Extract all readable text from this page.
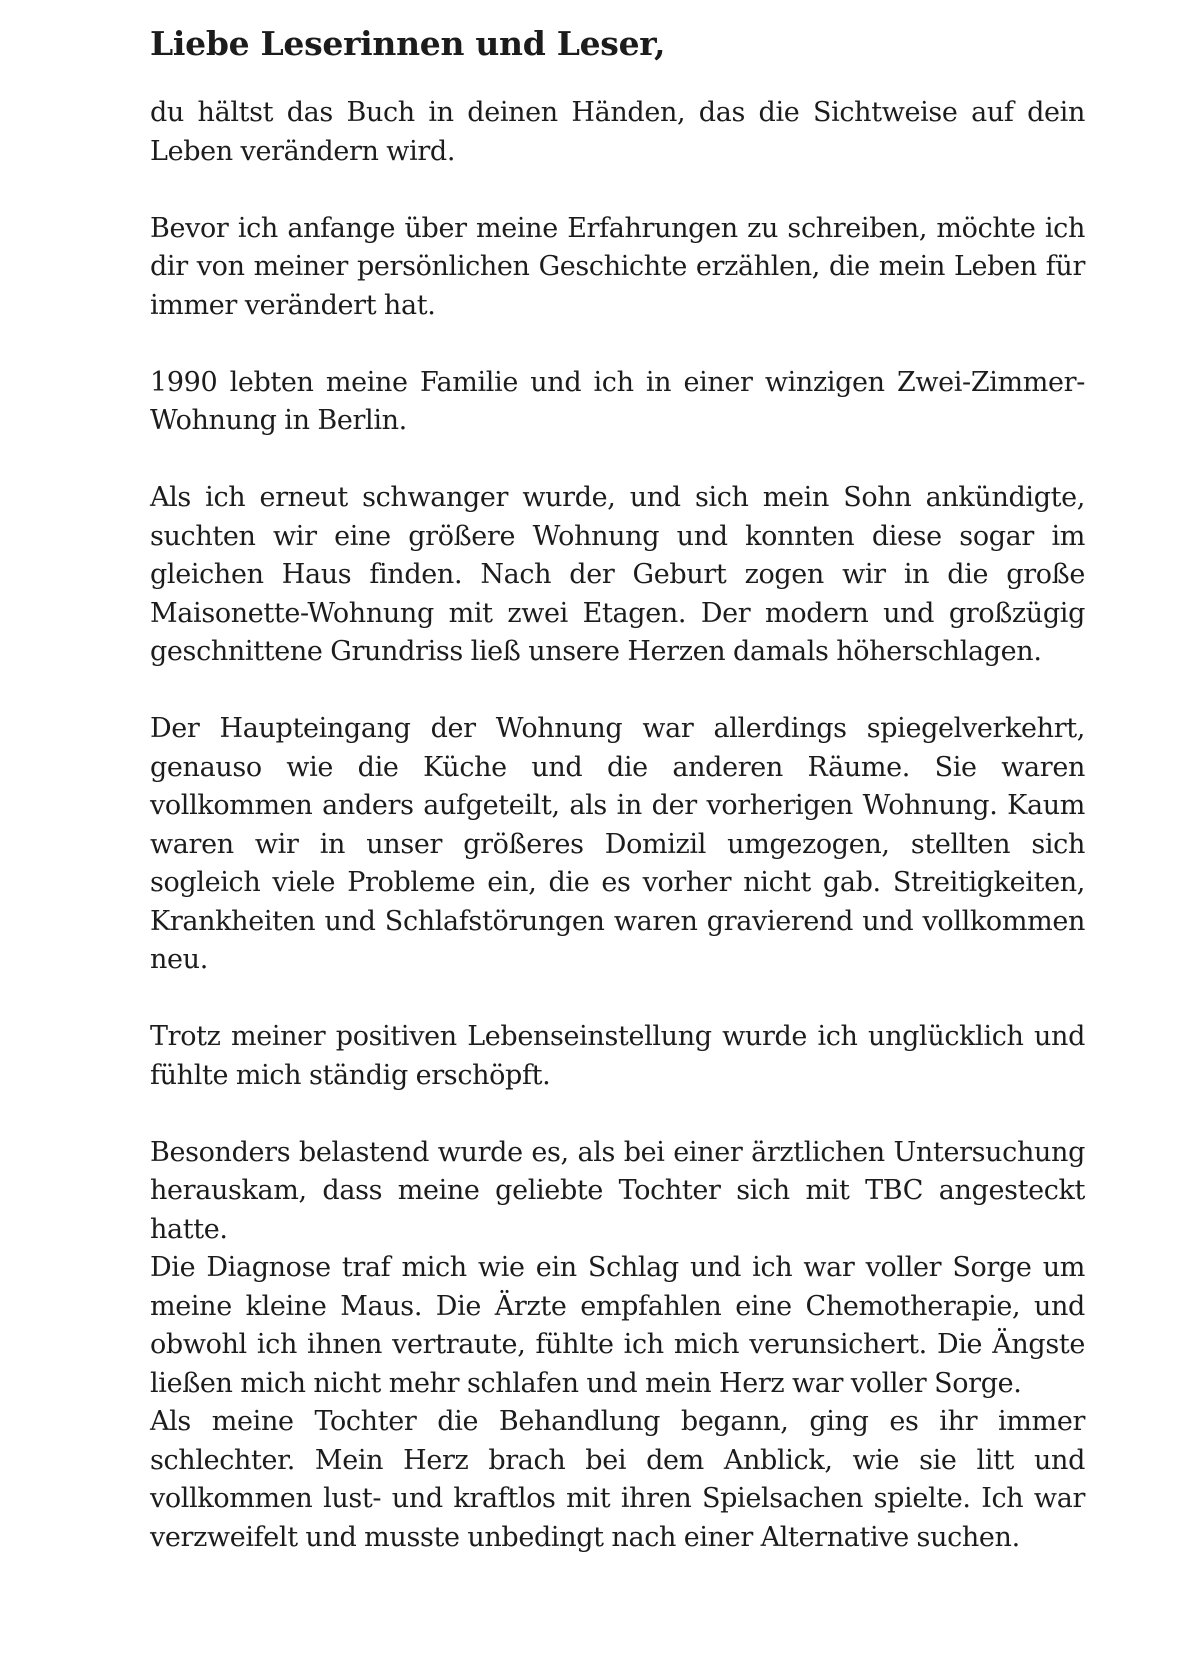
Liebe Leserinnen und Leser,

du hältst das Buch in deinen Händen, das die Sichtweise auf dein Leben verändern wird.

Bevor ich anfange über meine Erfahrungen zu schreiben, möchte ich dir von meiner persönlichen Geschichte erzählen, die mein Leben für immer verändert hat.

1990 lebten meine Familie und ich in einer winzigen Zwei-Zimmer-Wohnung in Berlin.

Als ich erneut schwanger wurde, und sich mein Sohn ankündigte, suchten wir eine größere Wohnung und konnten diese sogar im gleichen Haus finden. Nach der Geburt zogen wir in die große Maisonette-Wohnung mit zwei Etagen. Der modern und großzügig geschnittene Grundriss ließ unsere Herzen damals höherschlagen.

Der Haupteingang der Wohnung war allerdings spiegelverkehrt, genauso wie die Küche und die anderen Räume. Sie waren vollkommen anders aufgeteilt, als in der vorherigen Wohnung. Kaum waren wir in unser größeres Domizil umgezogen, stellten sich sogleich viele Probleme ein, die es vorher nicht gab. Streitigkeiten, Krankheiten und Schlafstörungen waren gravierend und vollkommen neu.

Trotz meiner positiven Lebenseinstellung wurde ich unglücklich und fühlte mich ständig erschöpft.

Besonders belastend wurde es, als bei einer ärztlichen Untersuchung herauskam, dass meine geliebte Tochter sich mit TBC angesteckt hatte.

Die Diagnose traf mich wie ein Schlag und ich war voller Sorge um meine kleine Maus. Die Ärzte empfahlen eine Chemotherapie, und obwohl ich ihnen vertraute, fühlte ich mich verunsichert. Die Ängste ließen mich nicht mehr schlafen und mein Herz war voller Sorge.

Als meine Tochter die Behandlung begann, ging es ihr immer schlechter. Mein Herz brach bei dem Anblick, wie sie litt und vollkommen lust- und kraftlos mit ihren Spielsachen spielte. Ich war verzweifelt und musste unbedingt nach einer Alternative suchen.
